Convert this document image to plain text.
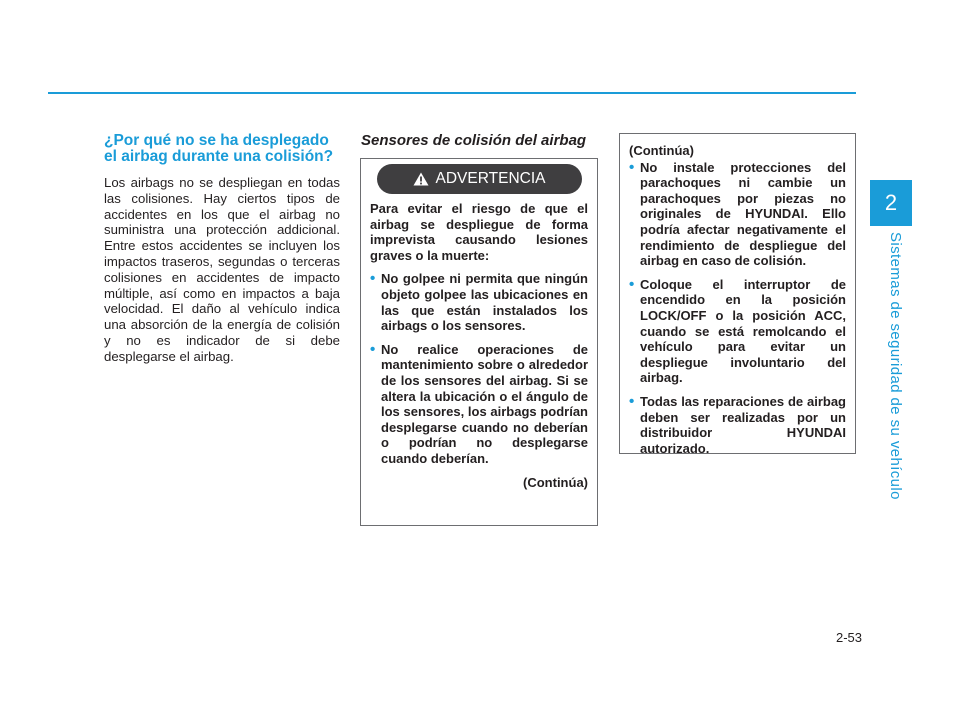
2
Sistemas de seguridad de su vehículo
¿Por qué no se ha desplegado el airbag durante una colisión?

Los airbags no se despliegan en todas las colisiones. Hay ciertos tipos de accidentes en los que el airbag no suministra una protección addicional. Entre estos accidentes se incluyen los impactos traseros, segundas o terceras colisiones en accidentes de impacto múltiple, así como en impactos a baja velocidad. El daño al vehículo indica una absorción de la energía de colisión y no es indicador de si debe desplegarse el airbag.

Sensores de colisión del airbag
ADVERTENCIA

Para evitar el riesgo de que el airbag se despliegue de forma imprevista causando lesiones graves o la muerte:

• No golpee ni permita que ningún objeto golpee las ubicaciones en las que están instalados los airbags o los sensores.
• No realice operaciones de mantenimiento sobre o alrededor de los sensores del airbag. Si se altera la ubicación o el ángulo de los sensores, los airbags podrían desplegarse cuando no deberían o podrían no desplegarse cuando deberían.

(Continúa)

(Continúa)

• No instale protecciones del parachoques ni cambie un parachoques por piezas no originales de HYUNDAI. Ello podría afectar negativamente el rendimiento de despliegue del airbag en caso de colisión.
• Coloque el interruptor de encendido en la posición LOCK/OFF o la posición ACC, cuando se está remolcando el vehículo para evitar un despliegue involuntario del airbag.
• Todas las reparaciones de airbag deben ser realizadas por un distribuidor HYUNDAI autorizado.
2-53
